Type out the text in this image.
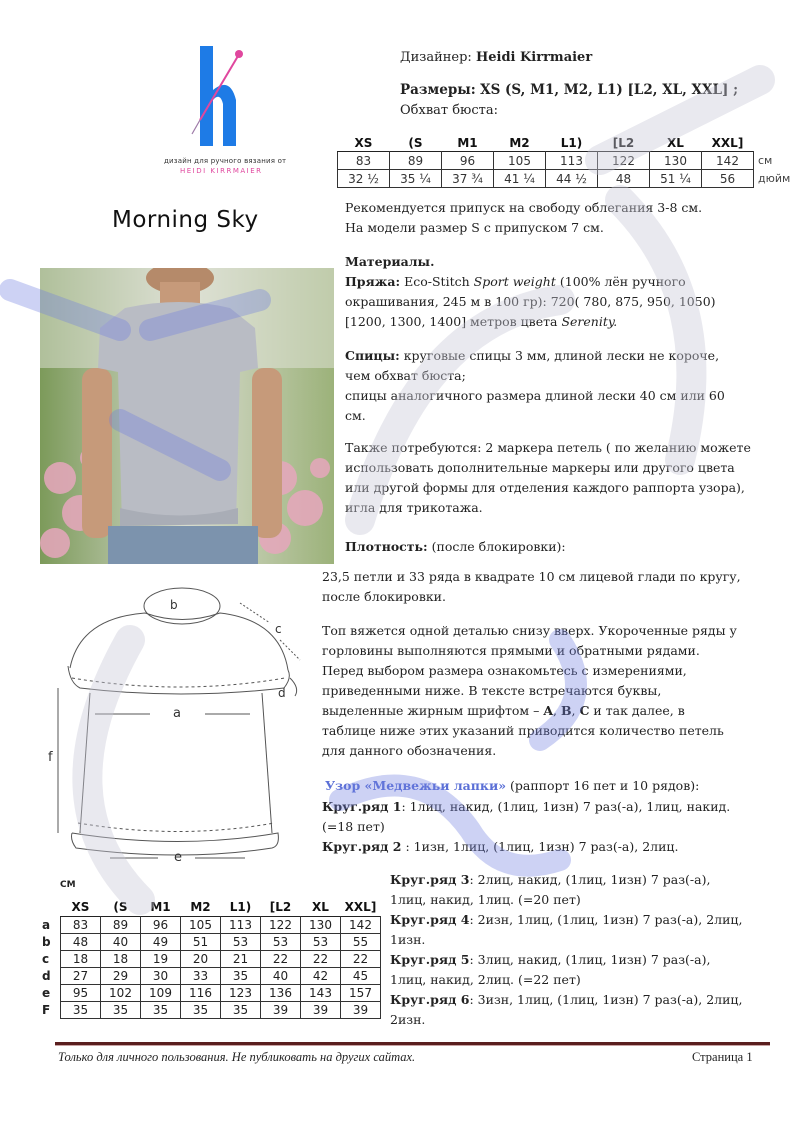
дизайн для ручного вязания от
HEIDI KIRRMAIER
Morning Sky
Дизайнер: Heidi Kirrmaier
Размеры: XS (S, M1, M2, L1) [L2, XL, XXL] ;
Обхват бюста:
XS	(S	M1	M2	L1)	[L2	XL	XXL]	
83	89	96	105	113	122	130	142	см
32 ½	35 ¼	37 ¾	41 ¼	44 ½	48	51 ¼	56	дюйм
Рекомендуется припуск на свободу облегания 3-8 см.
На модели размер S с припуском 7 см.
Материалы.
Пряжа: Eco-Stitch Sport weight (100% лён ручного
окрашивания, 245 м в 100 гр): 720( 780, 875, 950, 1050)
[1200, 1300, 1400] метров цвета Serenity.
Спицы: круговые спицы 3 мм, длиной лески не короче,
чем обхват бюста;
спицы аналогичного размера длиной лески 40 см или 60
см.
Также потребуются: 2 маркера петель ( по желанию можете
использовать дополнительные маркеры или другого цвета
или другой формы для отделения каждого раппорта узора),
игла для трикотажа.
Плотность: (после блокировки):
23,5 петли и 33 ряда в квадрате 10 см лицевой глади по кругу,
после блокировки.
Топ вяжется одной деталью снизу вверх. Укороченные ряды у
горловины выполняются прямыми и обратными рядами.
Перед выбором размера ознакомьтесь с измерениями,
приведенными ниже. В тексте встречаются буквы,
выделенные жирным шрифтом – A, B, C и так далее, в
таблице ниже этих указаний приводится количество петель
для данного обозначения.
Узор «Медвежьи лапки» (раппорт 16 пет и 10 рядов):
Круг.ряд 1: 1лиц, накид, (1лиц, 1изн) 7 раз(-а), 1лиц, накид.
(=18 пет)
Круг.ряд 2 : 1изн, 1лиц, (1лиц, 1изн) 7 раз(-а), 2лиц.
Круг.ряд 3: 2лиц, накид, (1лиц, 1изн) 7 раз(-а),
1лиц, накид, 1лиц. (=20 пет)
Круг.ряд 4: 2изн, 1лиц, (1лиц, 1изн) 7 раз(-а), 2лиц,
1изн.
Круг.ряд 5: 3лиц, накид, (1лиц, 1изн) 7 раз(-а),
1лиц, накид, 2лиц. (=22 пет)
Круг.ряд 6: 3изн, 1лиц, (1лиц, 1изн) 7 раз(-а), 2лиц,
2изн.
b
c
d
a
f
e
СМ
	XS	(S	M1	M2	L1)	[L2	XL	XXL]
a	83	89	96	105	113	122	130	142
b	48	40	49	51	53	53	53	55
c	18	18	19	20	21	22	22	22
d	27	29	30	33	35	40	42	45
e	95	102	109	116	123	136	143	157
F	35	35	35	35	35	39	39	39
Только для личного пользования. Не публиковать на других сайтах.	Страница 1
